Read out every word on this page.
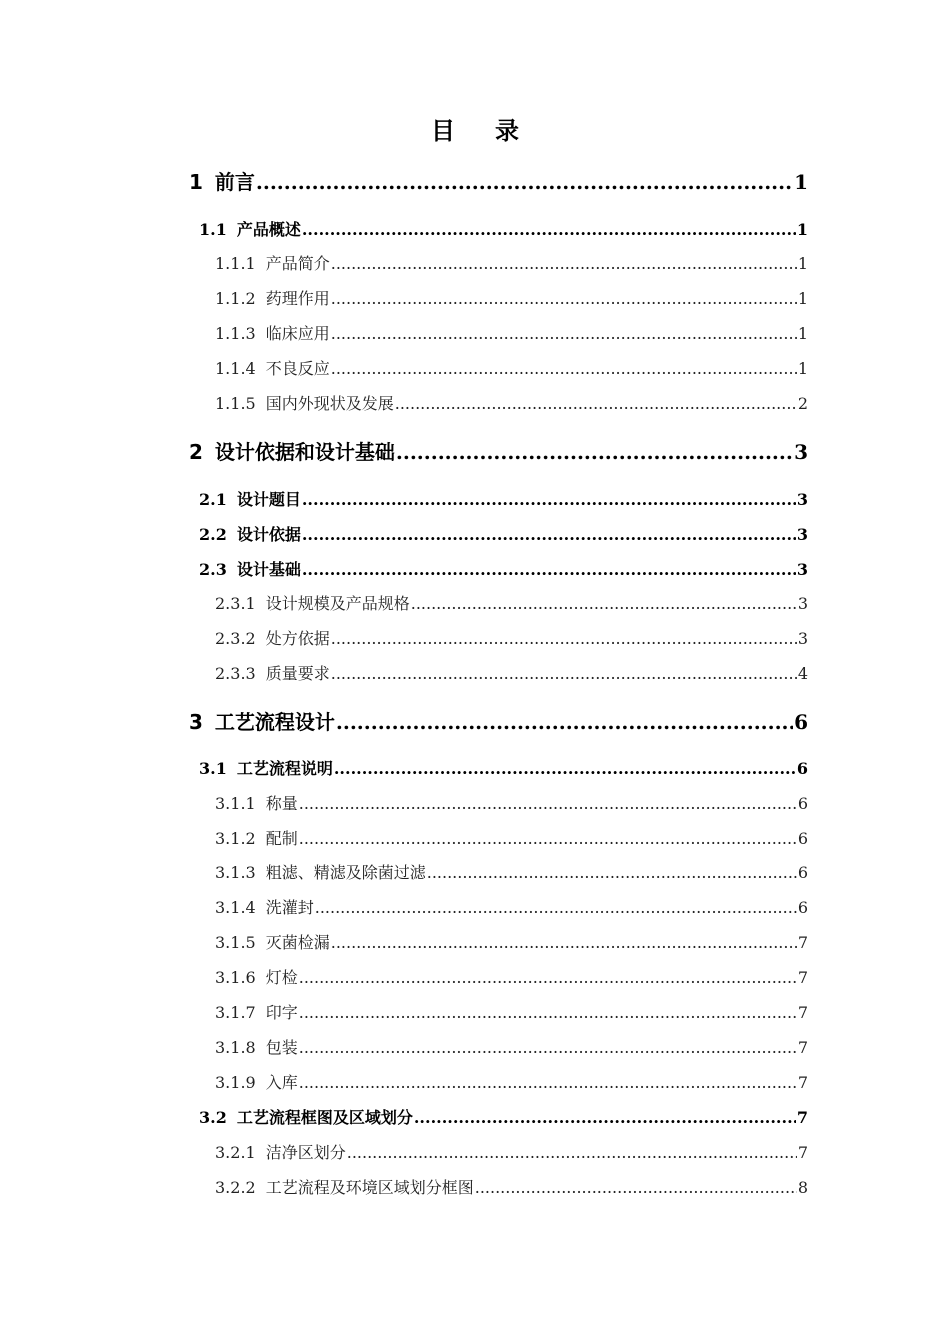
目录
1 前言 .....	1
1.1 产品概述 .....	1
1.1.1 产品简介 .....	1
1.1.2 药理作用 .....	1
1.1.3 临床应用 .....	1
1.1.4 不良反应 .....	1
1.1.5 国内外现状及发展 .....	2
2 设计依据和设计基础 .....	3
2.1 设计题目 .....	3
2.2 设计依据 .....	3
2.3 设计基础 .....	3
2.3.1 设计规模及产品规格 .....	3
2.3.2 处方依据 .....	3
2.3.3 质量要求 .....	4
3 工艺流程设计 .....	6
3.1 工艺流程说明 .....	6
3.1.1 称量 .....	6
3.1.2 配制 .....	6
3.1.3 粗滤、精滤及除菌过滤 .....	6
3.1.4 洗灌封 .....	6
3.1.5 灭菌检漏 .....	7
3.1.6 灯检 .....	7
3.1.7 印字 .....	7
3.1.8 包装 .....	7
3.1.9 入库 .....	7
3.2 工艺流程框图及区域划分 .....	7
3.2.1 洁净区划分 .....	7
3.2.2 工艺流程及环境区域划分框图 .....	8
